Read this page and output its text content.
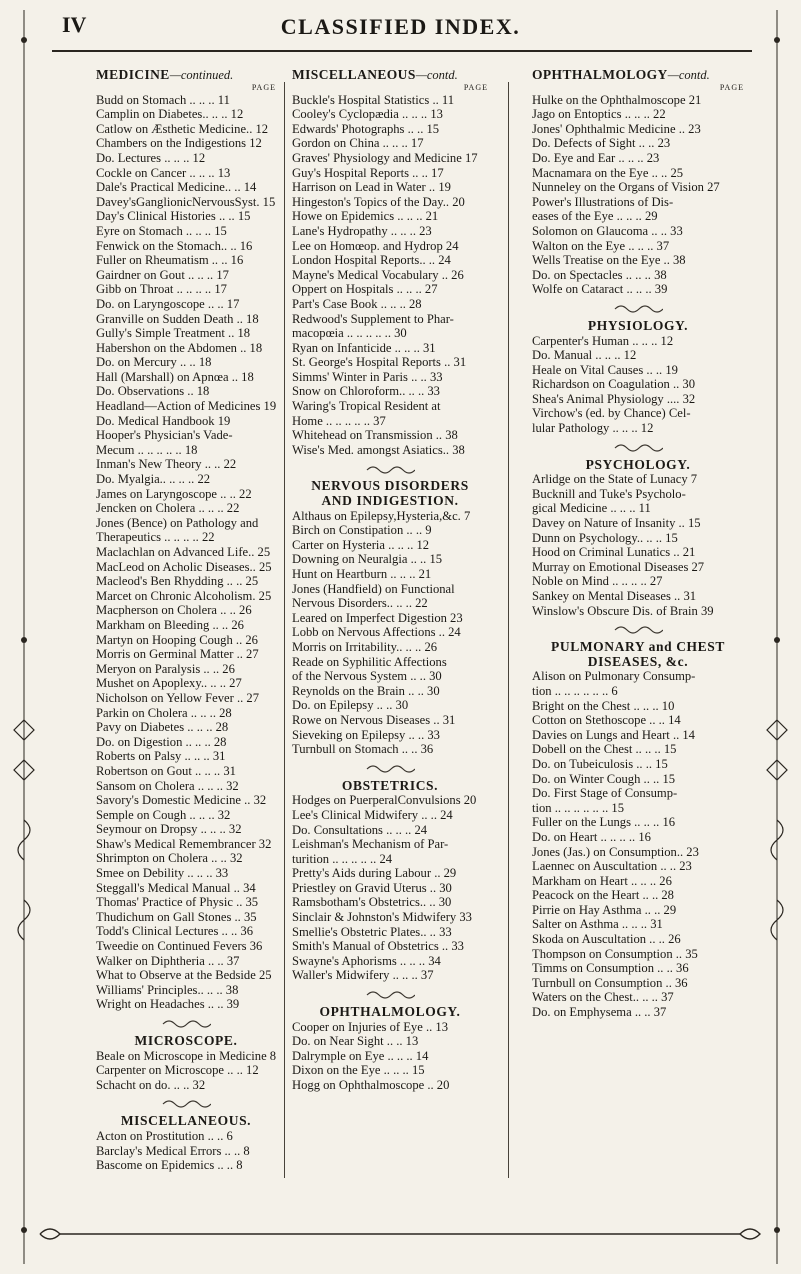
IV	CLASSIFIED INDEX.
MEDICINE—continued.
PAGE
Budd on Stomach .. .. .. 11
Camplin on Diabetes.. .. .. 12
Catlow on Æsthetic Medicine.. 12
Chambers on the Indigestions 12
Do. Lectures .. .. .. 12
Cockle on Cancer .. .. .. 13
Dale's Practical Medicine.. .. 14
Davey'sGanglionicNervousSyst. 15
Day's Clinical Histories .. .. 15
Eyre on Stomach .. .. .. 15
Fenwick on the Stomach.. .. 16
Fuller on Rheumatism .. .. 16
Gairdner on Gout .. .. .. 17
Gibb on Throat .. .. .. .. 17
Do. on Laryngoscope .. .. 17
Granville on Sudden Death .. 18
Gully's Simple Treatment .. 18
Habershon on the Abdomen .. 18
Do. on Mercury .. .. 18
Hall (Marshall) on Apnœa .. 18
Do. Observations .. 18
Headland—Action of Medicines 19
Do. Medical Handbook 19
Hooper's Physician's Vade-
Mecum .. .. .. .. .. 18
Inman's New Theory .. .. 22
Do. Myalgia.. .. .. .. 22
James on Laryngoscope .. .. 22
Jencken on Cholera .. .. .. 22
Jones (Bence) on Pathology and
Therapeutics .. .. .. .. 22
Maclachlan on Advanced Life.. 25
MacLeod on Acholic Diseases.. 25
Macleod's Ben Rhydding .. .. 25
Marcet on Chronic Alcoholism. 25
Macpherson on Cholera .. .. 26
Markham on Bleeding .. .. 26
Martyn on Hooping Cough .. 26
Morris on Germinal Matter .. 27
Meryon on Paralysis .. .. 26
Mushet on Apoplexy.. .. .. 27
Nicholson on Yellow Fever .. 27
Parkin on Cholera .. .. .. 28
Pavy on Diabetes .. .. .. 28
Do. on Digestion .. .. .. 28
Roberts on Palsy .. .. .. 31
Robertson on Gout .. .. .. 31
Sansom on Cholera .. .. .. 32
Savory's Domestic Medicine .. 32
Semple on Cough .. .. .. 32
Seymour on Dropsy .. .. .. 32
Shaw's Medical Remembrancer 32
Shrimpton on Cholera .. .. 32
Smee on Debility .. .. .. 33
Steggall's Medical Manual .. 34
Thomas' Practice of Physic .. 35
Thudichum on Gall Stones .. 35
Todd's Clinical Lectures .. .. 36
Tweedie on Continued Fevers 36
Walker on Diphtheria .. .. 37
What to Observe at the Bedside 25
Williams' Principles.. .. .. 38
Wright on Headaches .. .. 39
MICROSCOPE.
Beale on Microscope in Medicine 8
Carpenter on Microscope .. .. 12
Schacht on do. .. .. 32
MISCELLANEOUS.
Acton on Prostitution .. .. 6
Barclay's Medical Errors .. .. 8
Bascome on Epidemics .. .. 8
MISCELLANEOUS—contd.
PAGE
Buckle's Hospital Statistics .. 11
Cooley's Cyclopædia .. .. .. 13
Edwards' Photographs .. .. 15
Gordon on China .. .. .. 17
Graves' Physiology and Medicine 17
Guy's Hospital Reports .. .. 17
Harrison on Lead in Water .. 19
Hingeston's Topics of the Day.. 20
Howe on Epidemics .. .. .. 21
Lane's Hydropathy .. .. .. 23
Lee on Homœop. and Hydrop 24
London Hospital Reports.. .. 24
Mayne's Medical Vocabulary .. 26
Oppert on Hospitals .. .. .. 27
Part's Case Book .. .. .. 28
Redwood's Supplement to Phar-
macopœia .. .. .. .. .. 30
Ryan on Infanticide .. .. .. 31
St. George's Hospital Reports .. 31
Simms' Winter in Paris .. .. 33
Snow on Chloroform.. .. .. 33
Waring's Tropical Resident at
Home .. .. .. .. .. 37
Whitehead on Transmission .. 38
Wise's Med. amongst Asiatics.. 38
NERVOUS DISORDERS
AND INDIGESTION.
Althaus on Epilepsy,Hysteria,&c. 7
Birch on Constipation .. .. 9
Carter on Hysteria .. .. .. 12
Downing on Neuralgia .. .. 15
Hunt on Heartburn .. .. .. 21
Jones (Handfield) on Functional
Nervous Disorders.. .. .. 22
Leared on Imperfect Digestion 23
Lobb on Nervous Affections .. 24
Morris on Irritability.. .. .. 26
Reade on Syphilitic Affections
of the Nervous System .. .. 30
Reynolds on the Brain .. .. 30
Do. on Epilepsy .. .. 30
Rowe on Nervous Diseases .. 31
Sieveking on Epilepsy .. .. 33
Turnbull on Stomach .. .. 36
OBSTETRICS.
Hodges on PuerperalConvulsions 20
Lee's Clinical Midwifery .. .. 24
Do. Consultations .. .. .. 24
Leishman's Mechanism of Par-
turition .. .. .. .. .. 24
Pretty's Aids during Labour .. 29
Priestley on Gravid Uterus .. 30
Ramsbotham's Obstetrics.. .. 30
Sinclair & Johnston's Midwifery 33
Smellie's Obstetric Plates.. .. 33
Smith's Manual of Obstetrics .. 33
Swayne's Aphorisms .. .. .. 34
Waller's Midwifery .. .. .. 37
OPHTHALMOLOGY.
Cooper on Injuries of Eye .. 13
Do. on Near Sight .. .. 13
Dalrymple on Eye .. .. .. 14
Dixon on the Eye .. .. .. 15
Hogg on Ophthalmoscope .. 20
OPHTHALMOLOGY—contd.
PAGE
Hulke on the Ophthalmoscope 21
Jago on Entoptics .. .. .. 22
Jones' Ophthalmic Medicine .. 23
Do. Defects of Sight .. .. 23
Do. Eye and Ear .. .. .. 23
Macnamara on the Eye .. .. 25
Nunneley on the Organs of Vision 27
Power's Illustrations of Dis-
eases of the Eye .. .. .. 29
Solomon on Glaucoma .. .. 33
Walton on the Eye .. .. .. 37
Wells Treatise on the Eye .. 38
Do. on Spectacles .. .. .. 38
Wolfe on Cataract .. .. .. 39
PHYSIOLOGY.
Carpenter's Human .. .. .. 12
Do. Manual .. .. .. 12
Heale on Vital Causes .. .. 19
Richardson on Coagulation .. 30
Shea's Animal Physiology .... 32
Virchow's (ed. by Chance) Cel-
lular Pathology .. .. .. 12
PSYCHOLOGY.
Arlidge on the State of Lunacy 7
Bucknill and Tuke's Psycholo-
gical Medicine .. .. .. 11
Davey on Nature of Insanity .. 15
Dunn on Psychology.. .. .. 15
Hood on Criminal Lunatics .. 21
Murray on Emotional Diseases 27
Noble on Mind .. .. .. .. 27
Sankey on Mental Diseases .. 31
Winslow's Obscure Dis. of Brain 39
PULMONARY and CHEST
DISEASES, &c.
Alison on Pulmonary Consump-
tion .. .. .. .. .. .. 6
Bright on the Chest .. .. .. 10
Cotton on Stethoscope .. .. 14
Davies on Lungs and Heart .. 14
Dobell on the Chest .. .. .. 15
Do. on Tubeiculosis .. .. 15
Do. on Winter Cough .. .. 15
Do. First Stage of Consump-
tion .. .. .. .. .. .. 15
Fuller on the Lungs .. .. .. 16
Do. on Heart .. .. .. .. 16
Jones (Jas.) on Consumption.. 23
Laennec on Auscultation .. .. 23
Markham on Heart .. .. .. 26
Peacock on the Heart .. .. 28
Pirrie on Hay Asthma .. .. 29
Salter on Asthma .. .. .. 31
Skoda on Auscultation .. .. 26
Thompson on Consumption .. 35
Timms on Consumption .. .. 36
Turnbull on Consumption .. 36
Waters on the Chest.. .. .. 37
Do. on Emphysema .. .. 37
